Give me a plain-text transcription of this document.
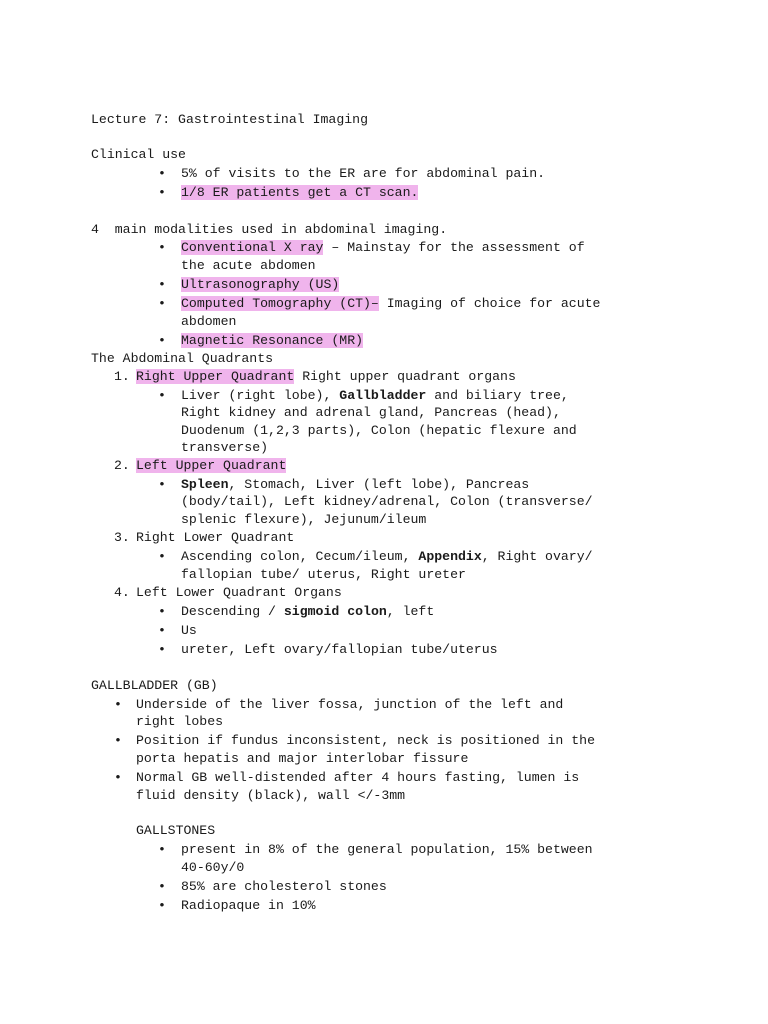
Lecture 7: Gastrointestinal Imaging
Clinical use
• 5% of visits to the ER are for abdominal pain.
• 1/8 ER patients get a CT scan.
4  main modalities used in abdominal imaging.
• Conventional X ray – Mainstay for the assessment of
the acute abdomen
• Ultrasonography (US)
• Computed Tomography (CT)– Imaging of choice for acute
abdomen
• Magnetic Resonance (MR)
The Abdominal Quadrants
1. Right Upper Quadrant Right upper quadrant organs
• Liver (right lobe), Gallbladder and biliary tree,
Right kidney and adrenal gland, Pancreas (head),
Duodenum (1,2,3 parts), Colon (hepatic flexure and
transverse)
2. Left Upper Quadrant
• Spleen, Stomach, Liver (left lobe), Pancreas
(body/tail), Left kidney/adrenal, Colon (transverse/
splenic flexure), Jejunum/ileum
3. Right Lower Quadrant
• Ascending colon, Cecum/ileum, Appendix, Right ovary/
fallopian tube/ uterus, Right ureter
4. Left Lower Quadrant Organs
• Descending / sigmoid colon, left
• Us
• ureter, Left ovary/fallopian tube/uterus
GALLBLADDER (GB)
• Underside of the liver fossa, junction of the left and
right lobes
• Position if fundus inconsistent, neck is positioned in the
porta hepatis and major interlobar fissure
• Normal GB well-distended after 4 hours fasting, lumen is
fluid density (black), wall </-3mm
GALLSTONES
• present in 8% of the general population, 15% between
40-60y/0
• 85% are cholesterol stones
• Radiopaque in 10%
